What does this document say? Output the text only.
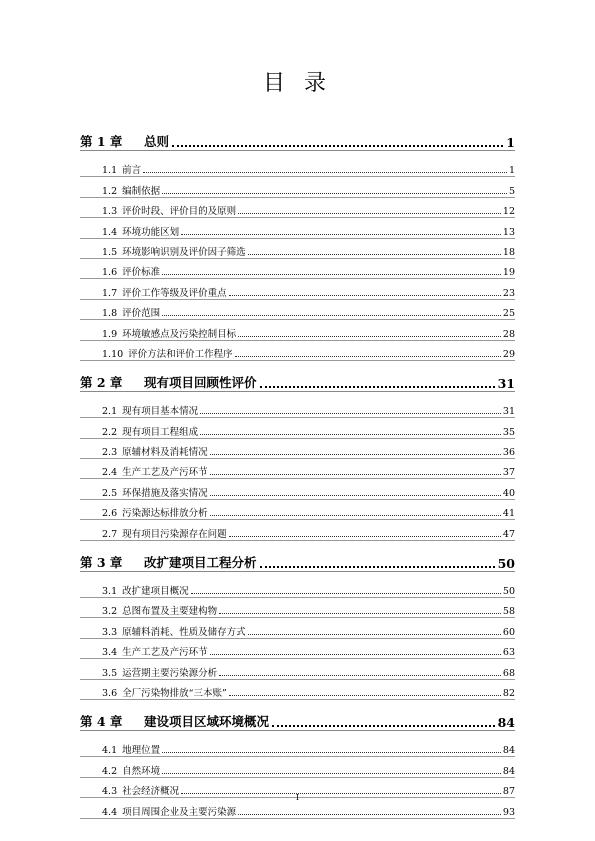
目 录
第 1 章	总则	1
1.1 前言	1
1.2 编制依据	5
1.3 评价时段、评价目的及原则	12
1.4 环境功能区划	13
1.5 环境影响识别及评价因子筛选	18
1.6 评价标准	19
1.7 评价工作等级及评价重点	23
1.8 评价范围	25
1.9 环境敏感点及污染控制目标	28
1.10 评价方法和评价工作程序	29
第 2 章	现有项目回顾性评价	31
2.1 现有项目基本情况	31
2.2 现有项目工程组成	35
2.3 原辅材料及消耗情况	36
2.4 生产工艺及产污环节	37
2.5 环保措施及落实情况	40
2.6 污染源达标排放分析	41
2.7 现有项目污染源存在问题	47
第 3 章	改扩建项目工程分析	50
3.1 改扩建项目概况	50
3.2 总图布置及主要建构物	58
3.3 原辅料消耗、性质及储存方式	60
3.4 生产工艺及产污环节	63
3.5 运营期主要污染源分析	68
3.6 全厂污染物排放“三本账”	82
第 4 章	建设项目区域环境概况	84
4.1 地理位置	84
4.2 自然环境	84
4.3 社会经济概况	87
4.4 项目周围企业及主要污染源	93
I
